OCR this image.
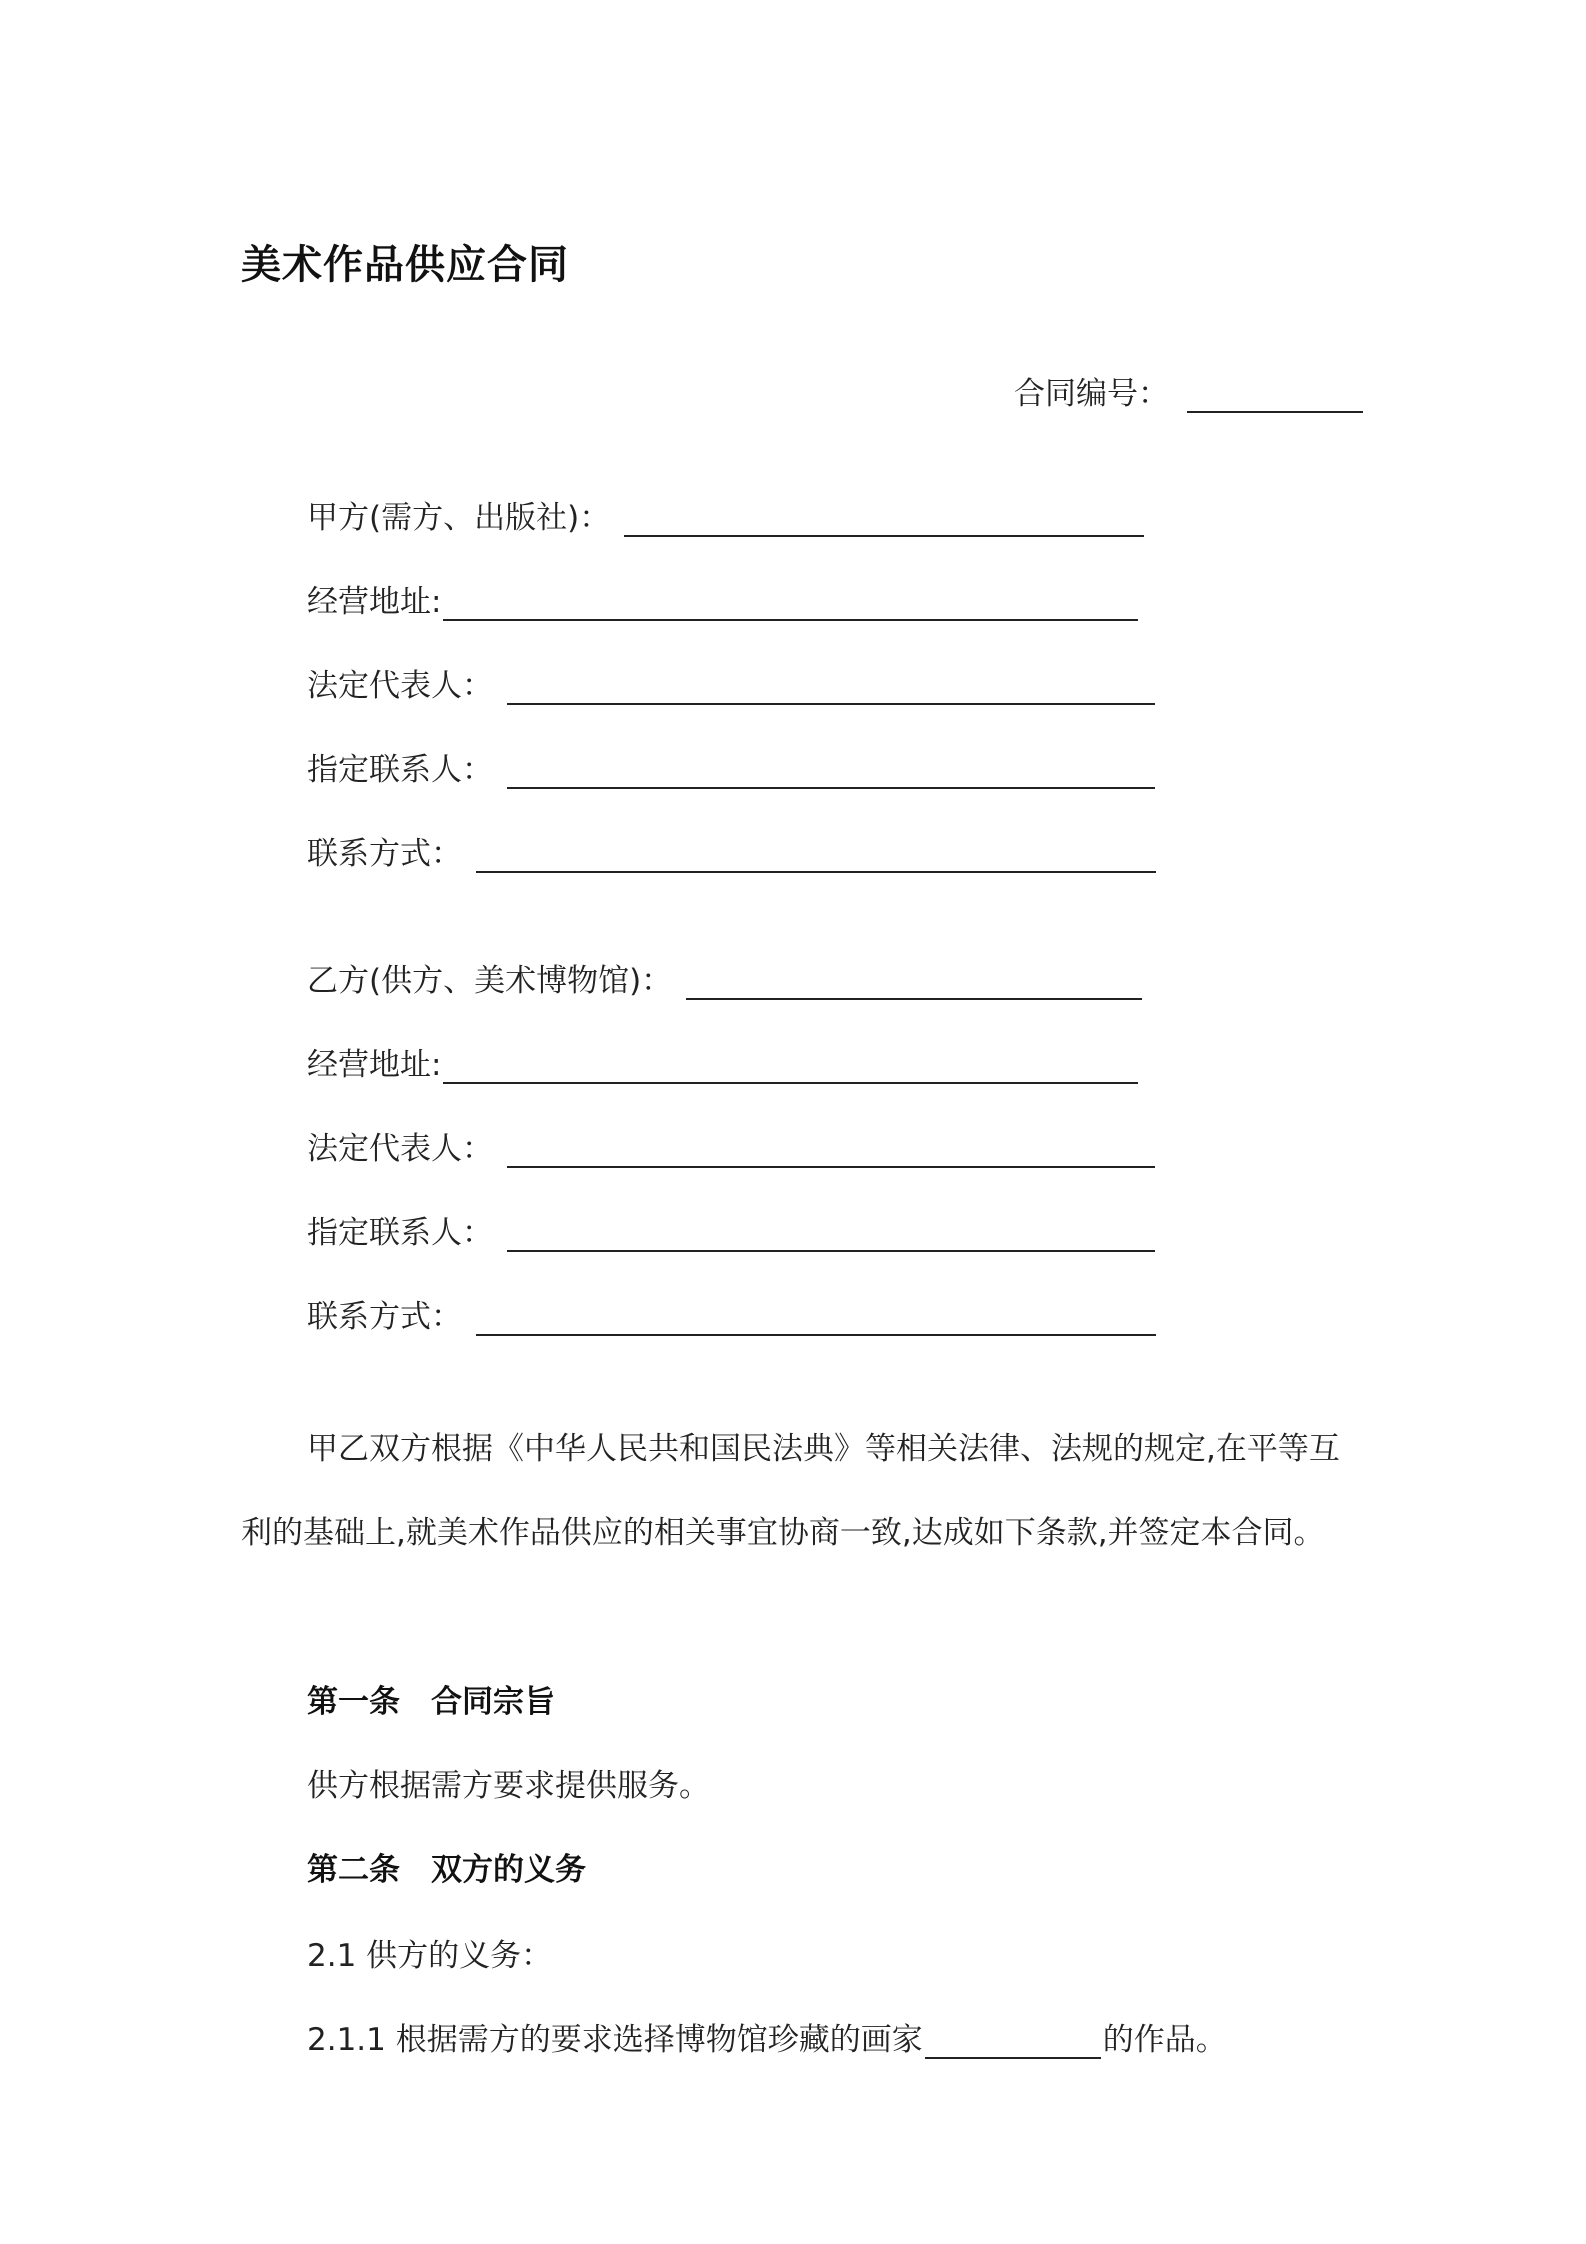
美术作品供应合同
合同编号：
甲方(需方、出版社)：
经营地址:
法定代表人：
指定联系人：
联系方式：
乙方(供方、美术博物馆)：
经营地址:
法定代表人：
指定联系人：
联系方式：

甲乙双方根据《中华人民共和国民法典》等相关法律、法规的规定,在平等互利的基础上,就美术作品供应的相关事宜协商一致,达成如下条款,并签定本合同。

第一条 合同宗旨
供方根据需方要求提供服务。
第二条 双方的义务
2.1 供方的义务：
2.1.1 根据需方的要求选择博物馆珍藏的画家	的作品。
